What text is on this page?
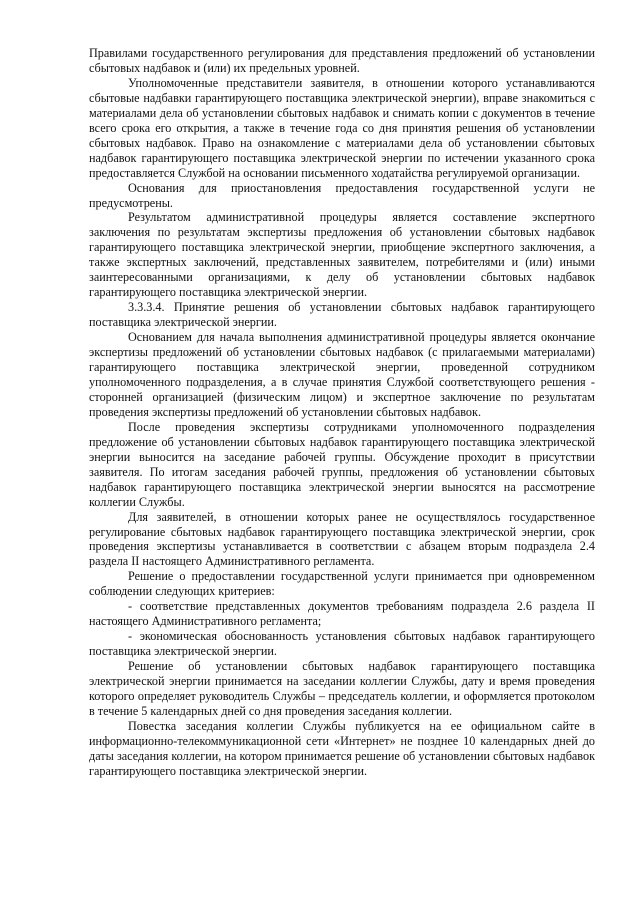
Правилами государственного регулирования для представления предложений об установлении сбытовых надбавок и (или) их предельных уровней.

Уполномоченные представители заявителя, в отношении которого устанавливаются сбытовые надбавки гарантирующего поставщика электрической энергии), вправе знакомиться с материалами дела об установлении сбытовых надбавок и снимать копии с документов в течение всего срока его открытия, а также в течение года со дня принятия решения об установлении сбытовых надбавок. Право на ознакомление с материалами дела об установлении сбытовых надбавок гарантирующего поставщика электрической энергии по истечении указанного срока предоставляется Службой на основании письменного ходатайства регулируемой организации.

Основания для приостановления предоставления государственной услуги не предусмотрены.

Результатом административной процедуры является составление экспертного заключения по результатам экспертизы предложения об установлении сбытовых надбавок гарантирующего поставщика электрической энергии, приобщение экспертного заключения, а также экспертных заключений, представленных заявителем, потребителями и (или) иными заинтересованными организациями, к делу об установлении сбытовых надбавок гарантирующего поставщика электрической энергии.

3.3.3.4. Принятие решения об установлении сбытовых надбавок гарантирующего поставщика электрической энергии.

Основанием для начала выполнения административной процедуры является окончание экспертизы предложений об установлении сбытовых надбавок (с прилагаемыми материалами) гарантирующего поставщика электрической энергии, проведенной сотрудником уполномоченного подразделения, а в случае принятия Службой соответствующего решения - сторонней организацией (физическим лицом) и экспертное заключение по результатам проведения экспертизы предложений об установлении сбытовых надбавок.

После проведения экспертизы сотрудниками уполномоченного подразделения предложение об установлении сбытовых надбавок гарантирующего поставщика электрической энергии выносится на заседание рабочей группы. Обсуждение проходит в присутствии заявителя. По итогам заседания рабочей группы, предложения об установлении сбытовых надбавок гарантирующего поставщика электрической энергии выносятся на рассмотрение коллегии Службы.

Для заявителей, в отношении которых ранее не осуществлялось государственное регулирование сбытовых надбавок гарантирующего поставщика электрической энергии, срок проведения экспертизы устанавливается в соответствии с абзацем вторым подраздела 2.4 раздела II настоящего Административного регламента.

Решение о предоставлении государственной услуги принимается при одновременном соблюдении следующих критериев:

- соответствие представленных документов требованиям подраздела 2.6 раздела II настоящего Административного регламента;

- экономическая обоснованность установления сбытовых надбавок гарантирующего поставщика электрической энергии.

Решение об установлении сбытовых надбавок гарантирующего поставщика электрической энергии принимается на заседании коллегии Службы, дату и время проведения которого определяет руководитель Службы – председатель коллегии, и оформляется протоколом в течение 5 календарных дней со дня проведения заседания коллегии.

Повестка заседания коллегии Службы публикуется на ее официальном сайте в информационно-телекоммуникационной сети «Интернет» не позднее 10 календарных дней до даты заседания коллегии, на котором принимается решение об установлении сбытовых надбавок гарантирующего поставщика электрической энергии.
